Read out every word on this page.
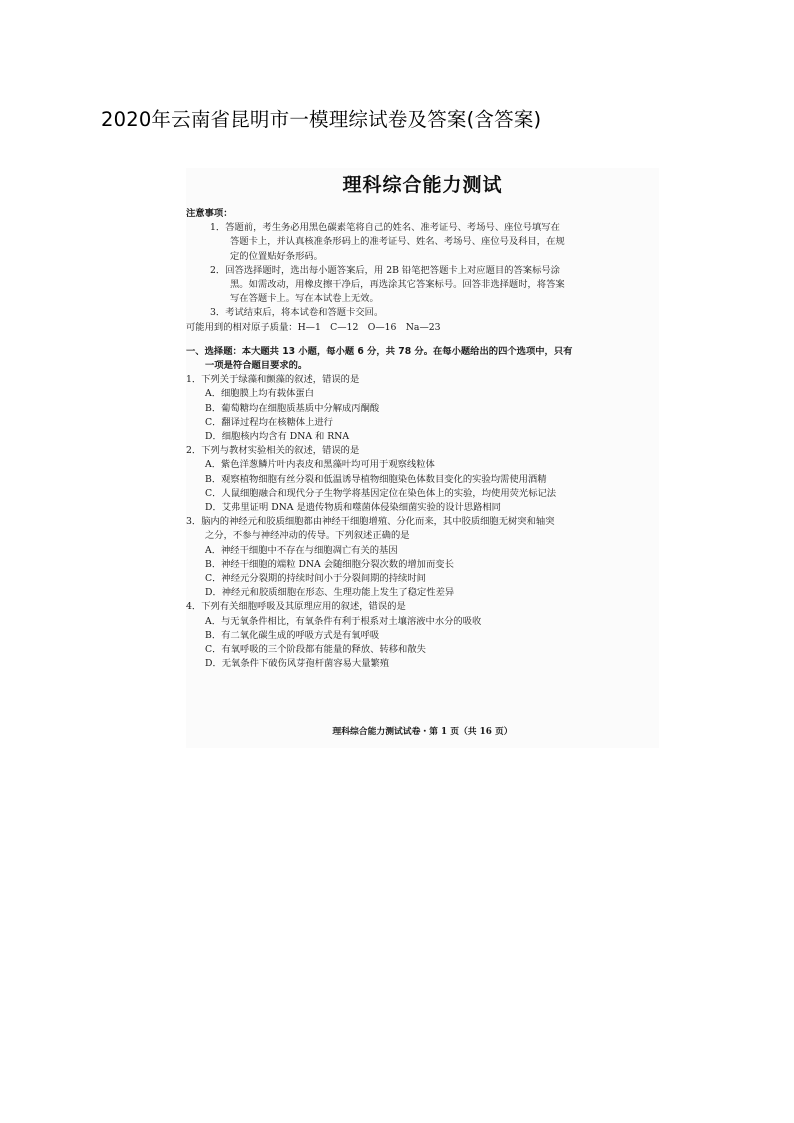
2020年云南省昆明市一模理综试卷及答案(含答案)
理科综合能力测试
注意事项：
1．答题前，考生务必用黑色碳素笔将自己的姓名、准考证号、考场号、座位号填写在
答题卡上，并认真核准条形码上的准考证号、姓名、考场号、座位号及科目，在规
定的位置贴好条形码。
2．回答选择题时，选出每小题答案后，用 2B 铅笔把答题卡上对应题目的答案标号涂
黑。如需改动，用橡皮擦干净后，再选涂其它答案标号。回答非选择题时，将答案
写在答题卡上。写在本试卷上无效。
3．考试结束后，将本试卷和答题卡交回。
可能用到的相对原子质量：H—1　C—12　O—16　Na—23
一、选择题：本大题共 13 小题，每小题 6 分，共 78 分。在每小题给出的四个选项中，只有
一项是符合题目要求的。
1．下列关于绿藻和颤藻的叙述，错误的是
A．细胞膜上均有载体蛋白
B．葡萄糖均在细胞质基质中分解成丙酮酸
C．翻译过程均在核糖体上进行
D．细胞核内均含有 DNA 和 RNA
2．下列与教材实验相关的叙述，错误的是
A．紫色洋葱鳞片叶内表皮和黑藻叶均可用于观察线粒体
B．观察植物细胞有丝分裂和低温诱导植物细胞染色体数目变化的实验均需使用酒精
C．人鼠细胞融合和现代分子生物学将基因定位在染色体上的实验，均使用荧光标记法
D．艾弗里证明 DNA 是遗传物质和噬菌体侵染细菌实验的设计思路相同
3．脑内的神经元和胶质细胞都由神经干细胞增殖、分化而来，其中胶质细胞无树突和轴突
之分，不参与神经冲动的传导。下列叙述正确的是
A．神经干细胞中不存在与细胞凋亡有关的基因
B．神经干细胞的端粒 DNA 会随细胞分裂次数的增加而变长
C．神经元分裂期的持续时间小于分裂间期的持续时间
D．神经元和胶质细胞在形态、生理功能上发生了稳定性差异
4．下列有关细胞呼吸及其原理应用的叙述，错误的是
A．与无氧条件相比，有氧条件有利于根系对土壤溶液中水分的吸收
B．有二氧化碳生成的呼吸方式是有氧呼吸
C．有氧呼吸的三个阶段都有能量的释放、转移和散失
D．无氧条件下破伤风芽孢杆菌容易大量繁殖
理科综合能力测试试卷・第 1 页（共 16 页）
